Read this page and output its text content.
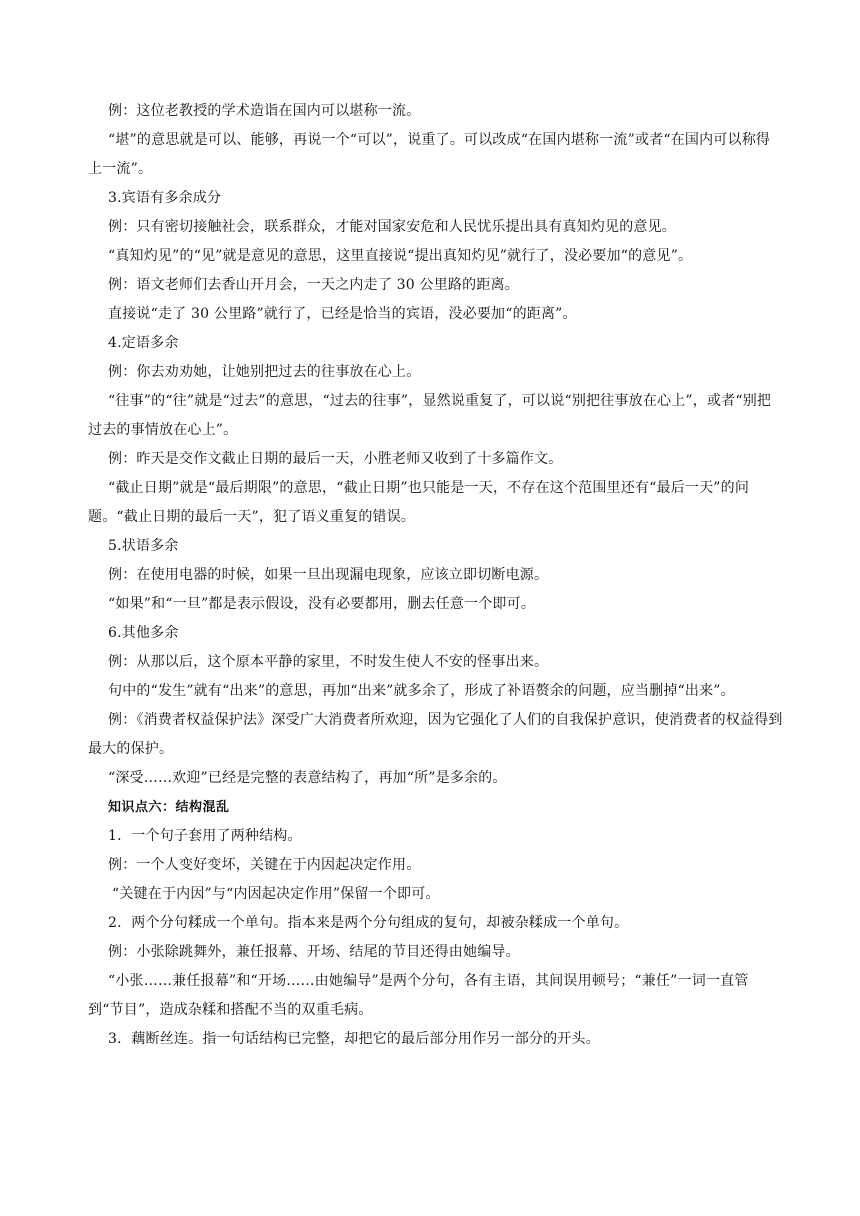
例：这位老教授的学术造诣在国内可以堪称一流。

“堪”的意思就是可以、能够，再说一个“可以”，说重了。可以改成“在国内堪称一流”或者“在国内可以称得上一流”。

3.宾语有多余成分

例：只有密切接触社会，联系群众，才能对国家安危和人民忧乐提出具有真知灼见的意见。

“真知灼见”的“见”就是意见的意思，这里直接说“提出真知灼见”就行了，没必要加“的意见”。

例：语文老师们去香山开月会，一天之内走了 30 公里路的距离。

直接说“走了 30 公里路”就行了，已经是恰当的宾语，没必要加“的距离”。

4.定语多余

例：你去劝劝她，让她别把过去的往事放在心上。

“往事”的“往”就是“过去”的意思，“过去的往事”，显然说重复了，可以说“别把往事放在心上”，或者“别把过去的事情放在心上”。

例：昨天是交作文截止日期的最后一天，小胜老师又收到了十多篇作文。

“截止日期”就是“最后期限”的意思，“截止日期”也只能是一天，不存在这个范围里还有“最后一天”的问题。“截止日期的最后一天”，犯了语义重复的错误。

5.状语多余

例：在使用电器的时候，如果一旦出现漏电现象，应该立即切断电源。

“如果”和“一旦”都是表示假设，没有必要都用，删去任意一个即可。

6.其他多余

例：从那以后，这个原本平静的家里，不时发生使人不安的怪事出来。

句中的“发生”就有“出来”的意思，再加“出来”就多余了，形成了补语赘余的问题，应当删掉“出来”。

例：《消费者权益保护法》深受广大消费者所欢迎，因为它强化了人们的自我保护意识，使消费者的权益得到最大的保护。

“深受……欢迎”已经是完整的表意结构了，再加“所”是多余的。

知识点六：结构混乱

1．一个句子套用了两种结构。

例：一个人变好变坏，关键在于内因起决定作用。

“关键在于内因”与“内因起决定作用”保留一个即可。

2．两个分句糅成一个单句。指本来是两个分句组成的复句，却被杂糅成一个单句。

例：小张除跳舞外，兼任报幕、开场、结尾的节目还得由她编导。

“小张……兼任报幕”和“开场……由她编导”是两个分句，各有主语，其间误用顿号；“兼任”一词一直管到“节目”，造成杂糅和搭配不当的双重毛病。

3．藕断丝连。指一句话结构已完整，却把它的最后部分用作另一部分的开头。
